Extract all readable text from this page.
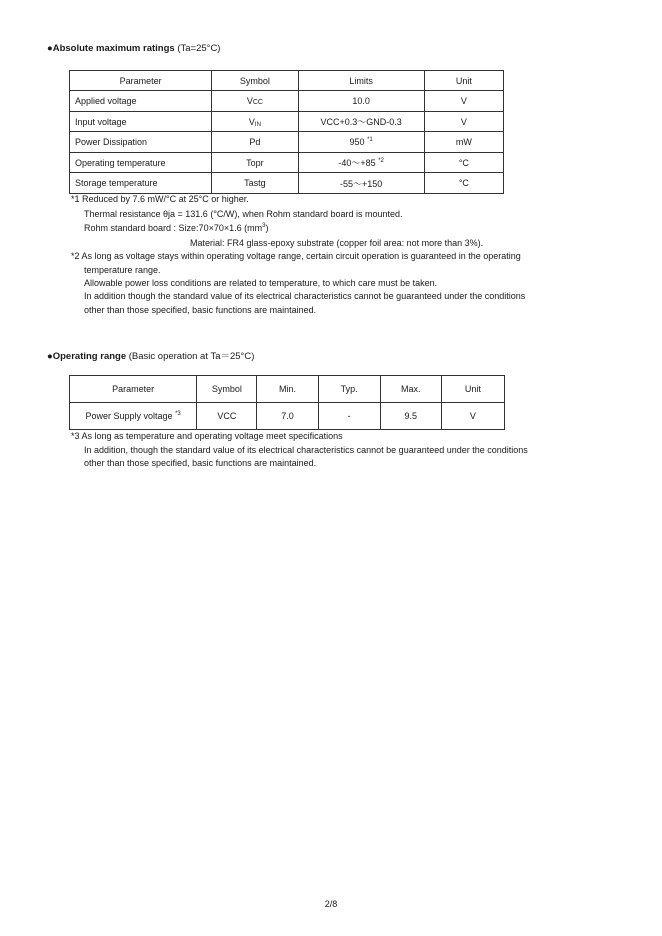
●Absolute maximum ratings (Ta=25°C)
Parameter	Symbol	Limits	Unit
Applied voltage	VCC	10.0	V
Input voltage	$V_{IN}$	VCC+0.3～GND-0.3	V
Power Dissipation	Pd	950 $^{*1}$	mW
Operating temperature	Topr	-40～+85 $^{*2}$	°C
Storage temperature	Tastg	-55～+150	°C
*1 Reduced by 7.6 mW/°C at 25°C or higher.
Thermal resistance θja = 131.6 (°C/W), when Rohm standard board is mounted.
Rohm standard board : Size:70×70×1.6 $(mm^3)$
Material: FR4 glass-epoxy substrate (copper foil area: not more than 3%).
*2 As long as voltage stays within operating voltage range, certain circuit operation is guaranteed in the operating
temperature range.
Allowable power loss conditions are related to temperature, to which care must be taken.
In addition though the standard value of its electrical characteristics cannot be guaranteed under the conditions
other than those specified, basic functions are maintained.
●Operating range (Basic operation at Ta＝25°C)
Parameter	Symbol	Min.	Typ.	Max.	Unit
Power Supply voltage $^{*3}$	VCC	7.0	-	9.5	V
*3 As long as temperature and operating voltage meet specifications
In addition, though the standard value of its electrical characteristics cannot be guaranteed under the conditions
other than those specified, basic functions are maintained.
2/8
